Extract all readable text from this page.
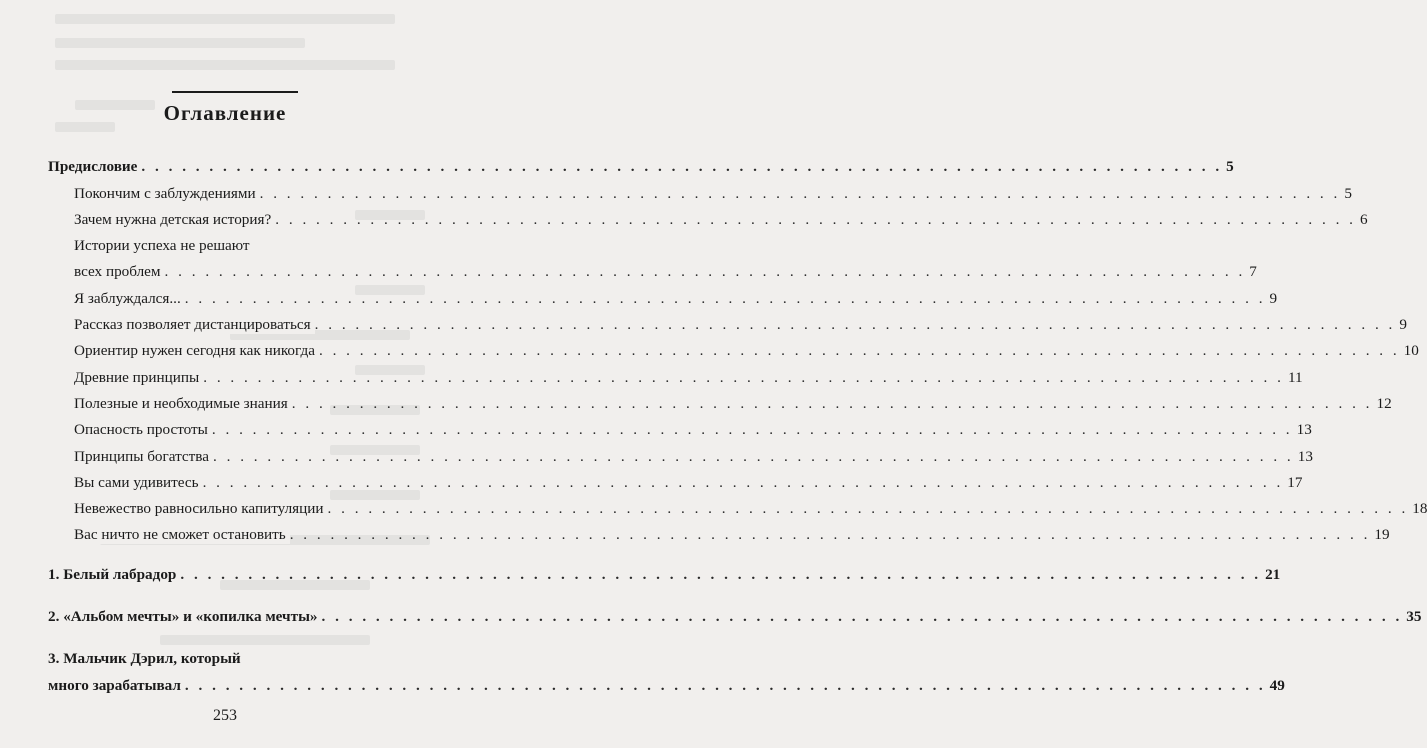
Оглавление
Предисловие . . . . . . . . . . . . . . . . . . . . . . . . . . . . . . . . . . . . . . . . . . . . . . . . . . . . . . . . . . . . . . . . . . . . . . . . . . . . . . . . 5
Покончим с заблуждениями . . . . . . . . . . . . . . . . . . . . . . . . . . . . . . . . . . . . . . . . . . . . . . . . . . . . . . . . . . . . . . . . . . . . . . . . . . . . . . . . 5
Зачем нужна детская история? . . . . . . . . . . . . . . . . . . . . . . . . . . . . . . . . . . . . . . . . . . . . . . . . . . . . . . . . . . . . . . . . . . . . . . . . . . . . . . . . 6
Истории успеха не решают
всех проблем . . . . . . . . . . . . . . . . . . . . . . . . . . . . . . . . . . . . . . . . . . . . . . . . . . . . . . . . . . . . . . . . . . . . . . . . . . . . . . . . 7
Я заблуждался... . . . . . . . . . . . . . . . . . . . . . . . . . . . . . . . . . . . . . . . . . . . . . . . . . . . . . . . . . . . . . . . . . . . . . . . . . . . . . . . . 9
Рассказ позволяет дистанцироваться . . . . . . . . . . . . . . . . . . . . . . . . . . . . . . . . . . . . . . . . . . . . . . . . . . . . . . . . . . . . . . . . . . . . . . . . . . . . . . . . 9
Ориентир нужен сегодня как никогда . . . . . . . . . . . . . . . . . . . . . . . . . . . . . . . . . . . . . . . . . . . . . . . . . . . . . . . . . . . . . . . . . . . . . . . . . . . . . . . . 10
Древние принципы . . . . . . . . . . . . . . . . . . . . . . . . . . . . . . . . . . . . . . . . . . . . . . . . . . . . . . . . . . . . . . . . . . . . . . . . . . . . . . . . 11
Полезные и необходимые знания . . . . . . . . . . . . . . . . . . . . . . . . . . . . . . . . . . . . . . . . . . . . . . . . . . . . . . . . . . . . . . . . . . . . . . . . . . . . . . . . 12
Опасность простоты . . . . . . . . . . . . . . . . . . . . . . . . . . . . . . . . . . . . . . . . . . . . . . . . . . . . . . . . . . . . . . . . . . . . . . . . . . . . . . . . 13
Принципы богатства . . . . . . . . . . . . . . . . . . . . . . . . . . . . . . . . . . . . . . . . . . . . . . . . . . . . . . . . . . . . . . . . . . . . . . . . . . . . . . . . 13
Вы сами удивитесь . . . . . . . . . . . . . . . . . . . . . . . . . . . . . . . . . . . . . . . . . . . . . . . . . . . . . . . . . . . . . . . . . . . . . . . . . . . . . . . . 17
Невежество равносильно капитуляции . . . . . . . . . . . . . . . . . . . . . . . . . . . . . . . . . . . . . . . . . . . . . . . . . . . . . . . . . . . . . . . . . . . . . . . . . . . . . . . . 18
Вас ничто не сможет остановить . . . . . . . . . . . . . . . . . . . . . . . . . . . . . . . . . . . . . . . . . . . . . . . . . . . . . . . . . . . . . . . . . . . . . . . . . . . . . . . . 19
1. Белый лабрадор . . . . . . . . . . . . . . . . . . . . . . . . . . . . . . . . . . . . . . . . . . . . . . . . . . . . . . . . . . . . . . . . . . . . . . . . . . . . . . . . 21
2. «Альбом мечты» и «копилка мечты» . . . . . . . . . . . . . . . . . . . . . . . . . . . . . . . . . . . . . . . . . . . . . . . . . . . . . . . . . . . . . . . . . . . . . . . . . . . . . . . . 35
3. Мальчик Дэрил, который
много зарабатывал . . . . . . . . . . . . . . . . . . . . . . . . . . . . . . . . . . . . . . . . . . . . . . . . . . . . . . . . . . . . . . . . . . . . . . . . . . . . . . . . 49
253
